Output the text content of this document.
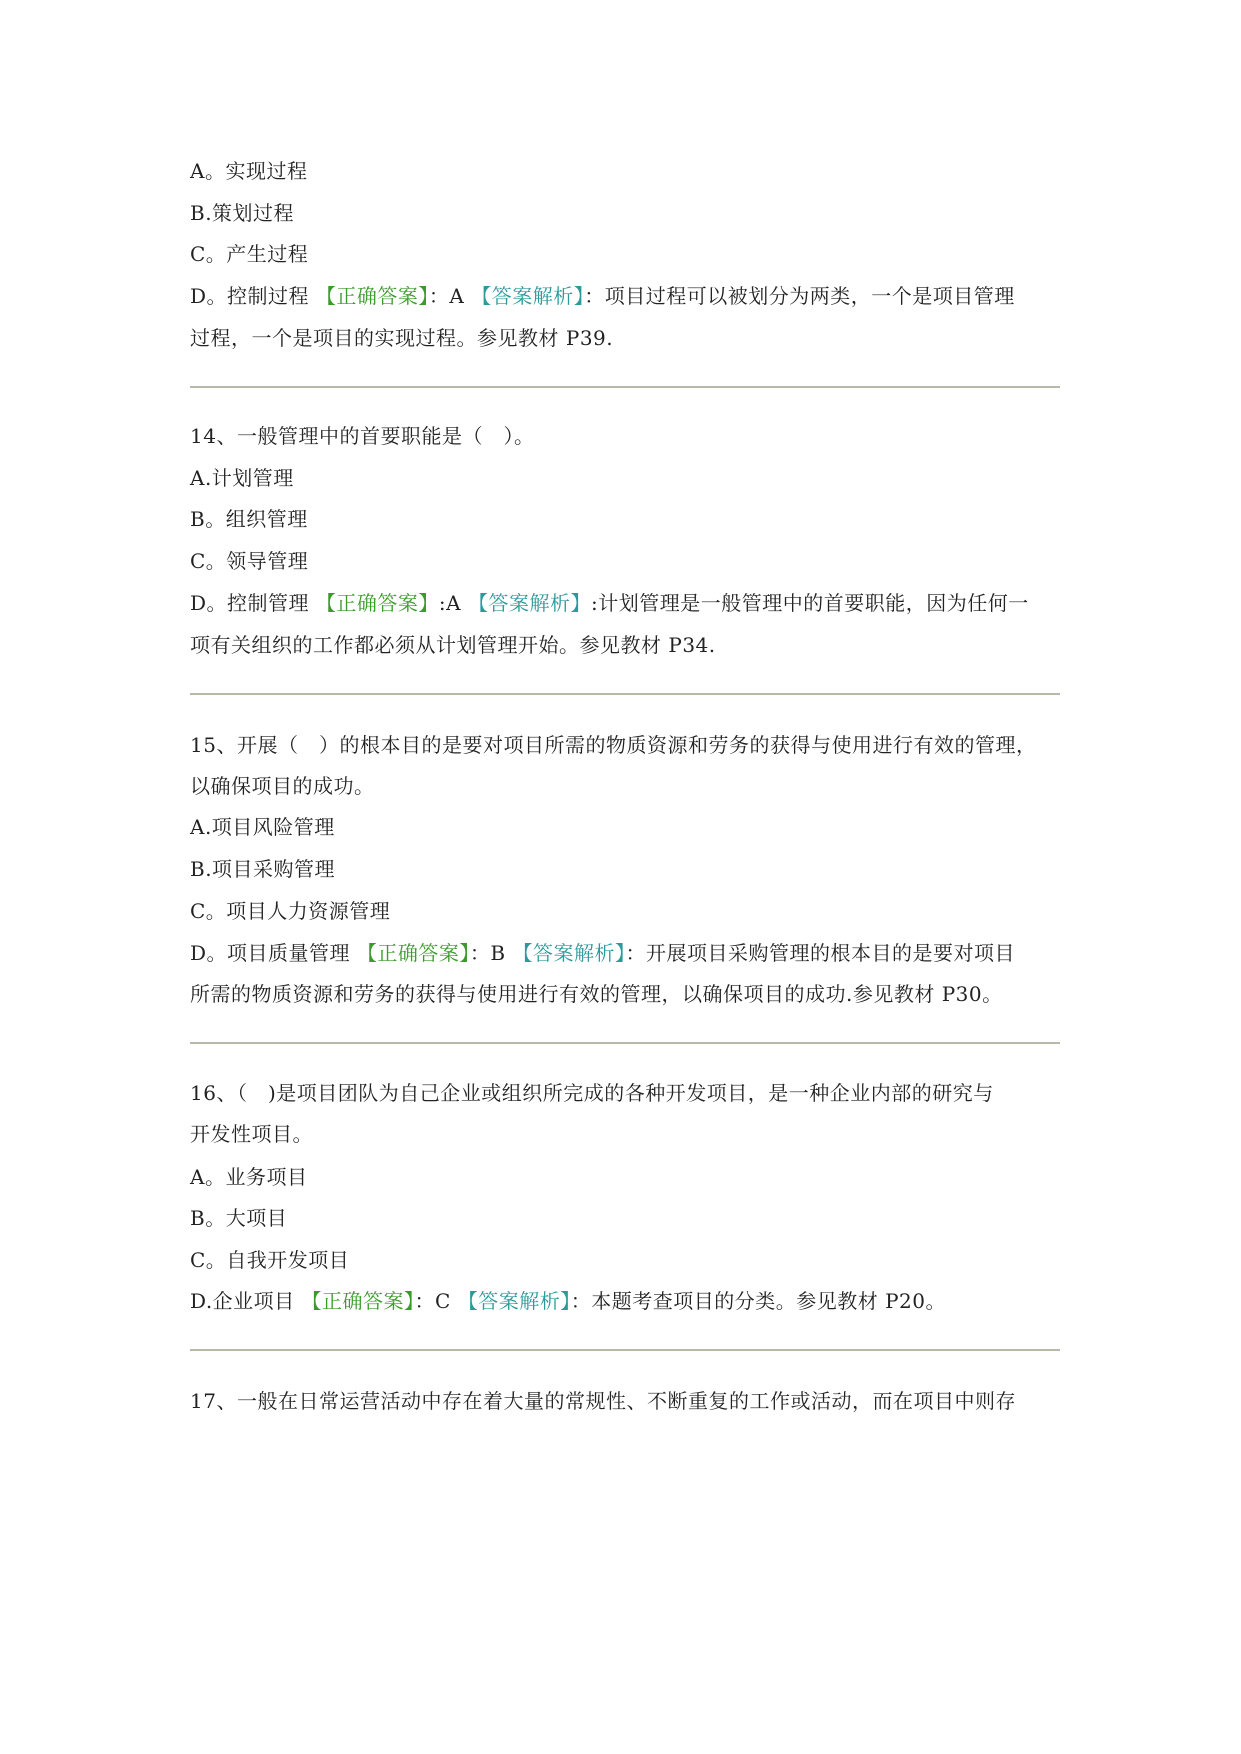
A。实现过程
B.策划过程
C。产生过程
D。控制过程 【正确答案】：A 【答案解析】：项目过程可以被划分为两类，一个是项目管理
过程，一个是项目的实现过程。参见教材 P39.
14、一般管理中的首要职能是（　）。
A.计划管理
B。组织管理
C。领导管理
D。控制管理 【正确答案】:A 【答案解析】:计划管理是一般管理中的首要职能，因为任何一
项有关组织的工作都必须从计划管理开始。参见教材 P34.
15、开展（　）的根本目的是要对项目所需的物质资源和劳务的获得与使用进行有效的管理，
以确保项目的成功。
A.项目风险管理
B.项目采购管理
C。项目人力资源管理
D。项目质量管理 【正确答案】：B 【答案解析】：开展项目采购管理的根本目的是要对项目
所需的物质资源和劳务的获得与使用进行有效的管理，以确保项目的成功.参见教材 P30。
16、（　)是项目团队为自己企业或组织所完成的各种开发项目，是一种企业内部的研究与
开发性项目。
A。业务项目
B。大项目
C。自我开发项目
D.企业项目 【正确答案】：C 【答案解析】：本题考查项目的分类。参见教材 P20。
17、一般在日常运营活动中存在着大量的常规性、不断重复的工作或活动，而在项目中则存
